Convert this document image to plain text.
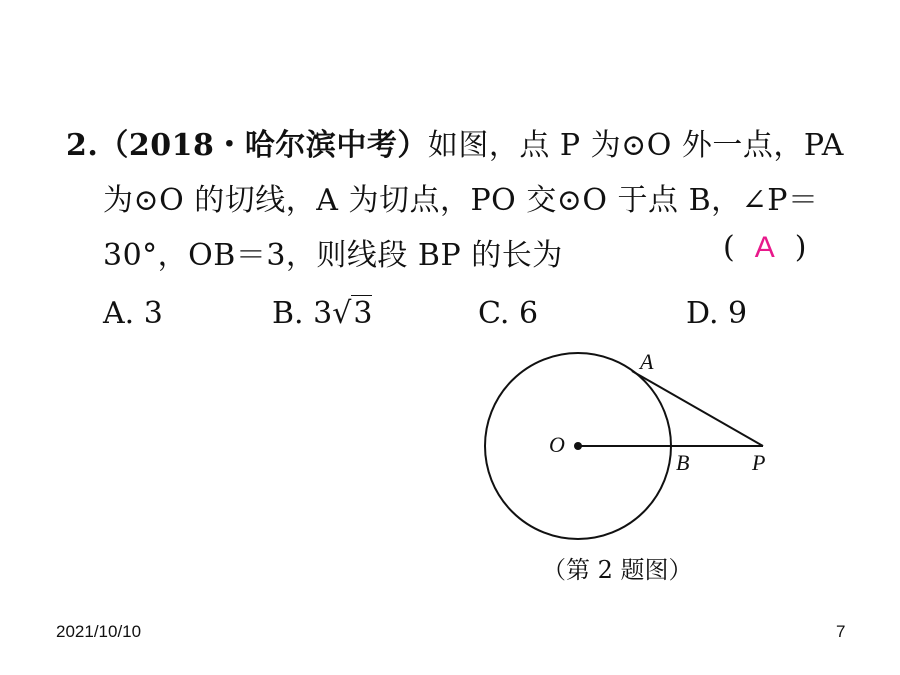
2.（2018・哈尔滨中考）如图，点 P 为⊙O 外一点，PA
为⊙O 的切线，A 为切点，PO 交⊙O 于点 B，∠P＝
30°，OB＝3，则线段 BP 的长为	( A )
A. 3	B. 3√3	C. 6	D. 9
O
A
B	P
（第 2 题图）
2021/10/10	7
